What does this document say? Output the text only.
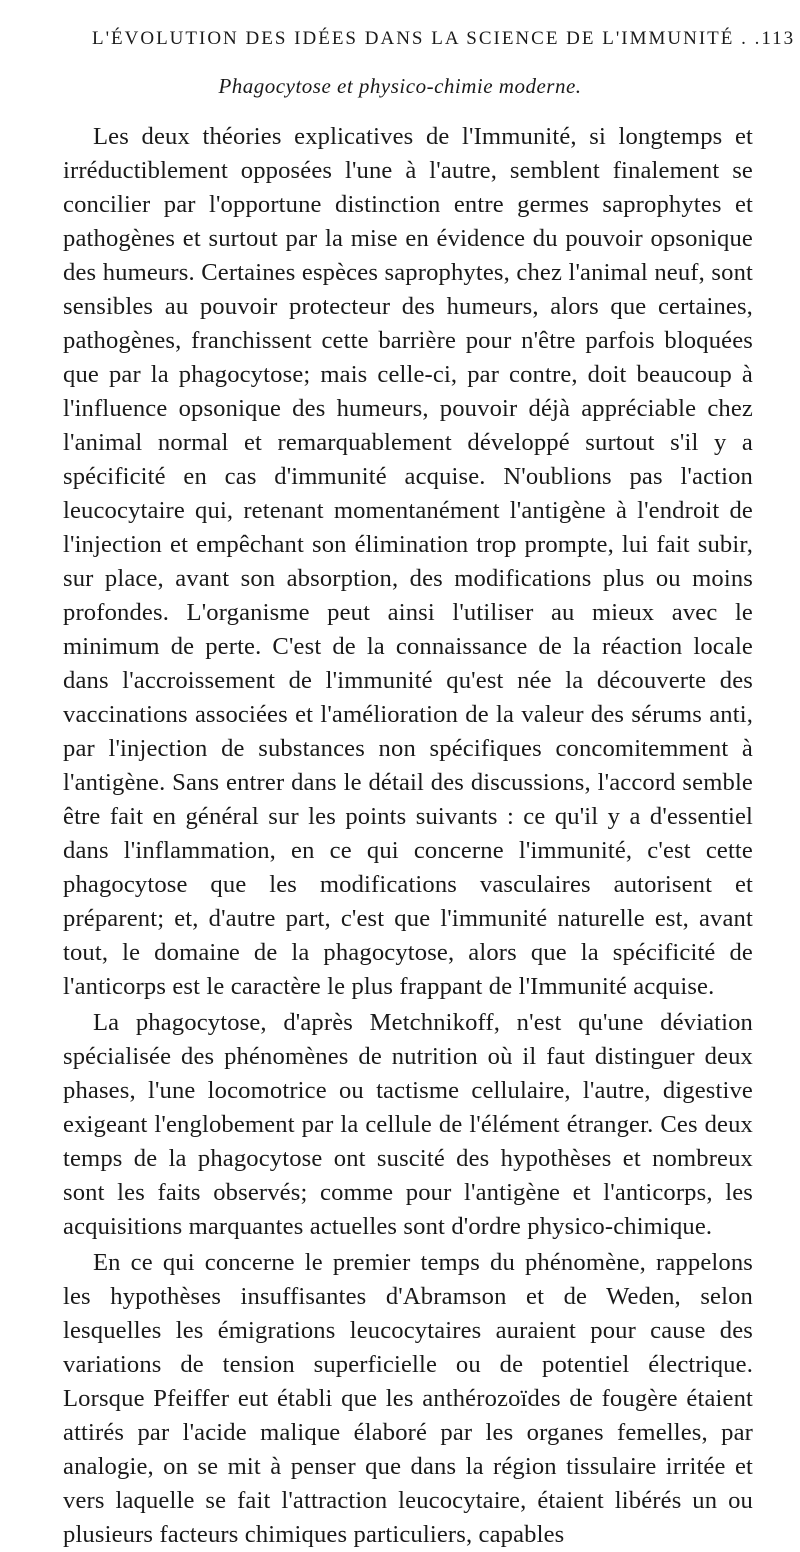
L'ÉVOLUTION DES IDÉES DANS LA SCIENCE DE L'IMMUNITÉ . . 113
Phagocytose et physico-chimie moderne.

Les deux théories explicatives de l'Immunité, si longtemps et irréductiblement opposées l'une à l'autre, semblent finalement se concilier par l'opportune distinction entre germes saprophytes et pathogènes et surtout par la mise en évidence du pouvoir opsonique des humeurs. Certaines espèces saprophytes, chez l'animal neuf, sont sensibles au pouvoir protecteur des humeurs, alors que certaines, pathogènes, franchissent cette barrière pour n'être parfois bloquées que par la phagocytose; mais celle-ci, par contre, doit beaucoup à l'influence opsonique des humeurs, pouvoir déjà appréciable chez l'animal normal et remarquablement développé surtout s'il y a spécificité en cas d'immunité acquise. N'oublions pas l'action leucocytaire qui, retenant momentanément l'antigène à l'endroit de l'injection et empêchant son élimination trop prompte, lui fait subir, sur place, avant son absorption, des modifications plus ou moins profondes. L'organisme peut ainsi l'utiliser au mieux avec le minimum de perte. C'est de la connaissance de la réaction locale dans l'accroissement de l'immunité qu'est née la découverte des vaccinations associées et l'amélioration de la valeur des sérums anti, par l'injection de substances non spécifiques concomitemment à l'antigène. Sans entrer dans le détail des discussions, l'accord semble être fait en général sur les points suivants : ce qu'il y a d'essentiel dans l'inflammation, en ce qui concerne l'immunité, c'est cette phagocytose que les modifications vasculaires autorisent et préparent; et, d'autre part, c'est que l'immunité naturelle est, avant tout, le domaine de la phagocytose, alors que la spécificité de l'anticorps est le caractère le plus frappant de l'Immunité acquise.

La phagocytose, d'après Metchnikoff, n'est qu'une déviation spécialisée des phénomènes de nutrition où il faut distinguer deux phases, l'une locomotrice ou tactisme cellulaire, l'autre, digestive exigeant l'englobement par la cellule de l'élément étranger. Ces deux temps de la phagocytose ont suscité des hypothèses et nombreux sont les faits observés; comme pour l'antigène et l'anticorps, les acquisitions marquantes actuelles sont d'ordre physico-chimique.

En ce qui concerne le premier temps du phénomène, rappelons les hypothèses insuffisantes d'Abramson et de Weden, selon lesquelles les émigrations leucocytaires auraient pour cause des variations de tension superficielle ou de potentiel électrique. Lorsque Pfeiffer eut établi que les anthérozoïdes de fougère étaient attirés par l'acide malique élaboré par les organes femelles, par analogie, on se mit à penser que dans la région tissulaire irritée et vers laquelle se fait l'attraction leucocytaire, étaient libérés un ou plusieurs facteurs chimiques particuliers, capables
